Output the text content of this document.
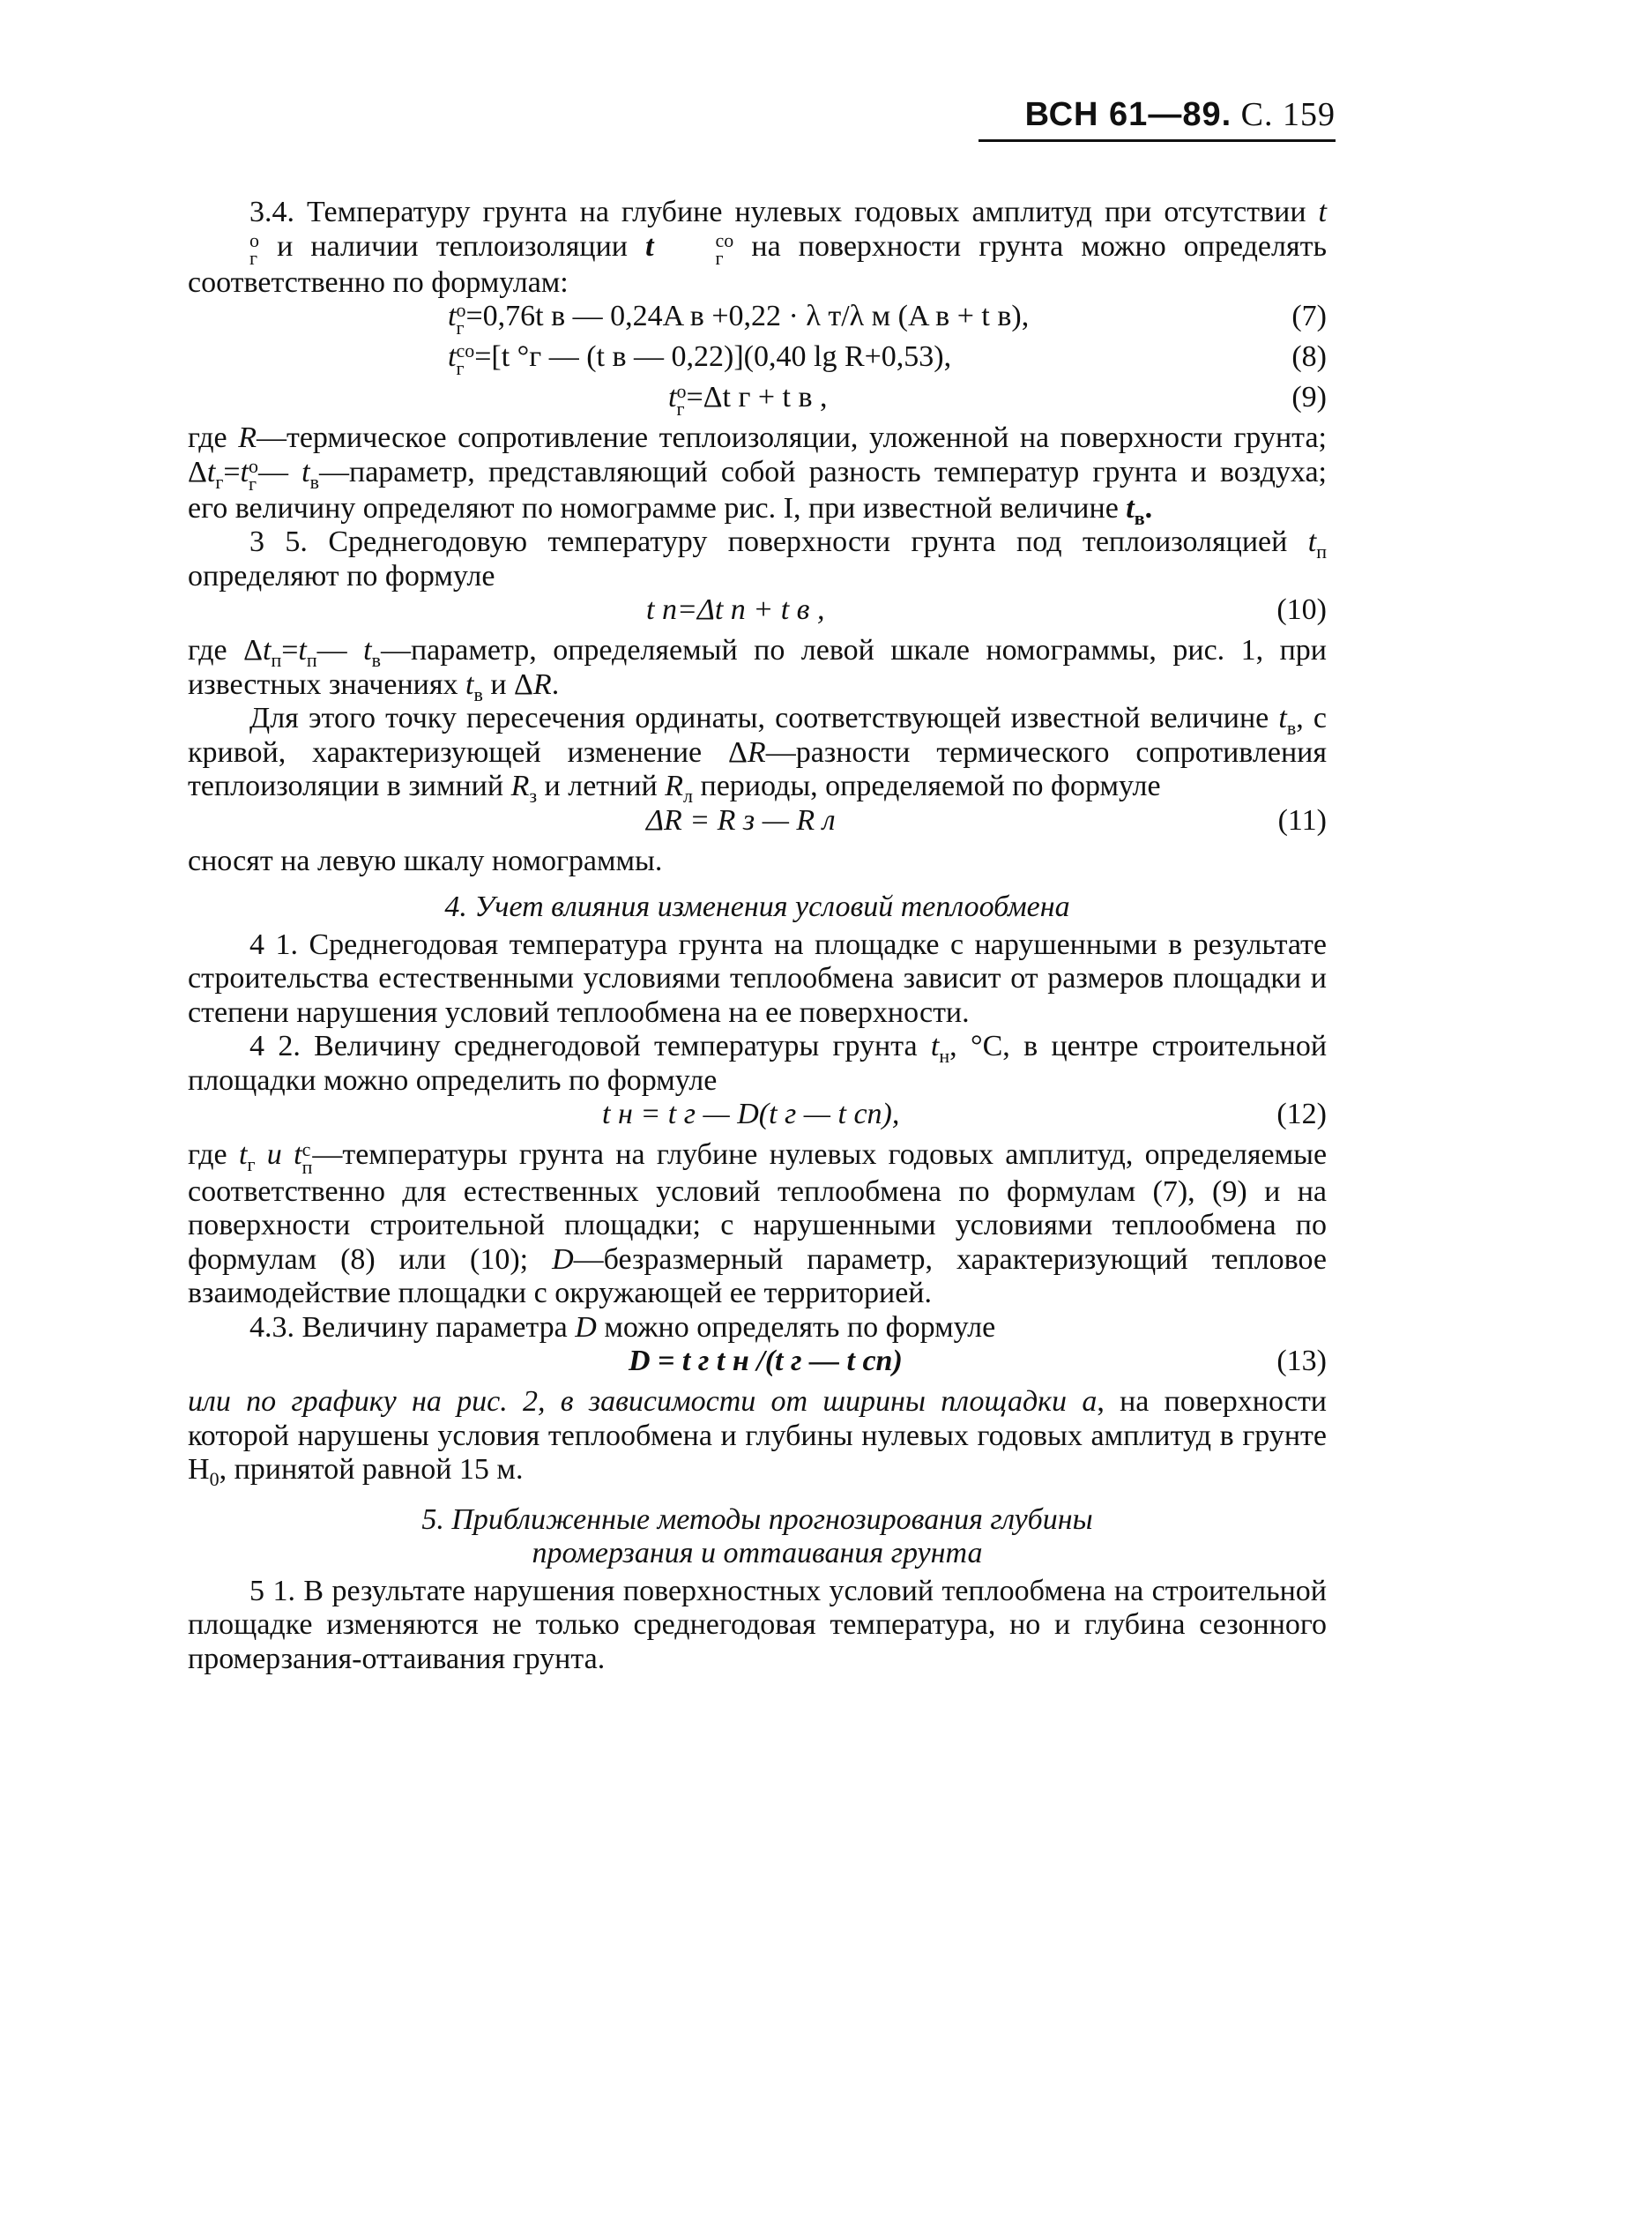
ВСН 61—89. С. 159

3.4. Температуру грунта на глубине нулевых годовых амплитуд при отсутствии t
o
г и наличии теплоизоляции t	со
г на поверхности грунта можно определять соответственно по формулам:

t o
г =0,76t в — 0,24A в +0,22 · λ т/λ м (A в + t в),	(7)
t со
г =[t °г — (t в — 0,22)](0,40 lg R+0,53),	(8)
t o
г =Δt г + t в ,	(9)

где R—термическое сопротивление теплоизоляции, уложенной на поверхности грунта; $\Delta t_г=t$ o
г — $t_в—параметр$, представляющий собой разность температур грунта и воздуха; его величину определяют по номограмме рис. I, при известной величине $t_в$.

3 5. Среднегодовую температуру поверхности грунта под теплоизоляцией $t_п$ определяют по формуле

t п=Δt п + t в ,	(10)

где $\Delta t_п=t_п—$ $t_в—параметр$, определяемый по левой шкале номограммы, рис. 1, при известных значениях $t_в$ и ΔR.

Для этого точку пересечения ординаты, соответствующей известной величине $t_в$, с кривой, характеризующей изменение ΔR—разности термического сопротивления теплоизоляции в зимний $R_з$ и летний $R_л$ периоды, определяемой по формуле

ΔR = R з — R л	(11)

сносят на левую шкалу номограммы.

4. Учет влияния изменения условий теплообмена

4 1. Среднегодовая температура грунта на площадке с нарушенными в результате строительства естественными условиями теплообмена зависит от размеров площадки и степени нарушения условий теплообмена на ее поверхности.

4 2. Величину среднегодовой температуры грунта $t_н$, °С, в центре строительной площадки можно определить по формуле

t н = t г — D(t г — t сп),	(12)

где $t_г$ и t с
п —температуры грунта на глубине нулевых годовых амплитуд, определяемые соответственно для естественных условий теплообмена по формулам (7), (9) и на поверхности строительной площадки; с нарушенными условиями теплообмена по формулам (8) или (10); D—безразмерный параметр, характеризующий тепловое взаимодействие площадки с окружающей ее территорией.

4.3. Величину параметра D можно определять по формуле

D = t г t н /(t г — t сп)	(13)

или по графику на рис. 2, в зависимости от ширины площадки a, на поверхности которой нарушены условия теплообмена и глубины нулевых годовых амплитуд в грунте $H_0$, принятой равной 15 м.

5. Приближенные методы прогнозирования глубины
промерзания и оттаивания грунта

5 1. В результате нарушения поверхностных условий теплообмена на строительной площадке изменяются не только среднегодовая температура, но и глубина сезонного промерзания-оттаивания грунта.
